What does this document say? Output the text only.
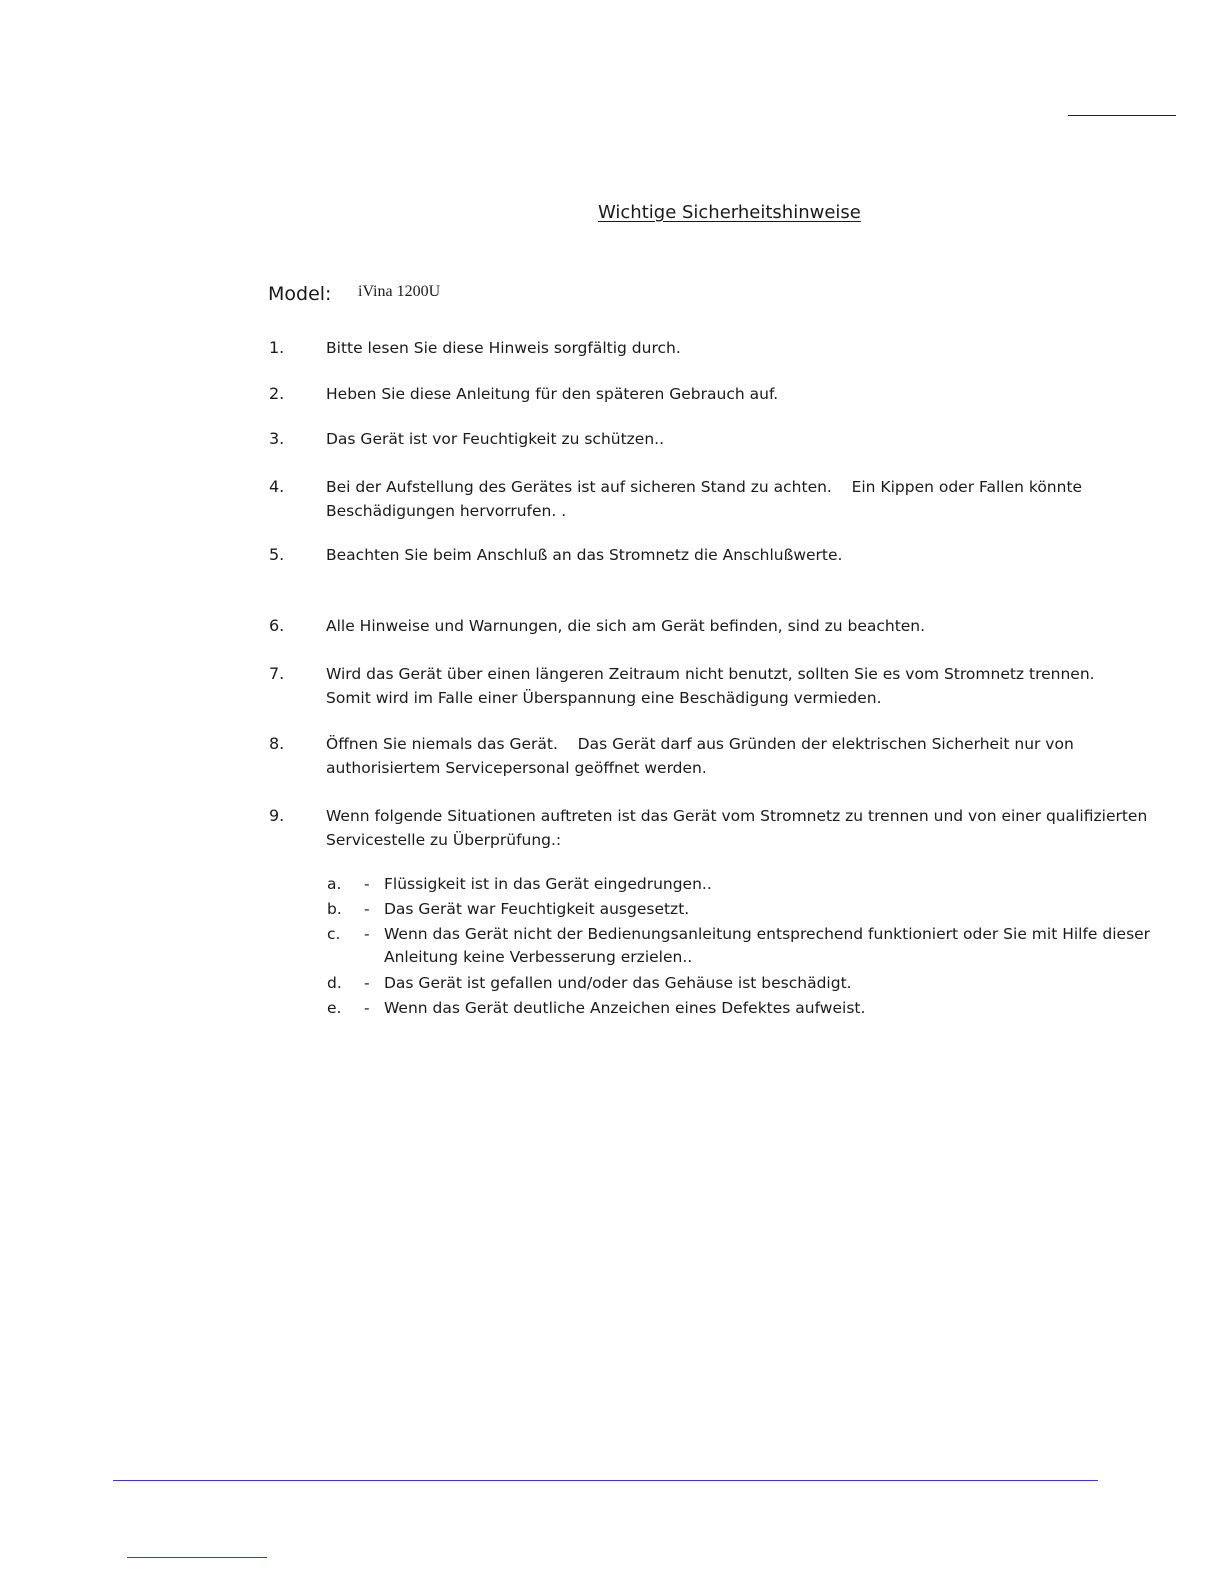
Wichtige Sicherheitshinweise
Model: iVina 1200U
1.	Bitte lesen Sie diese Hinweis sorgfältig durch.
2.	Heben Sie diese Anleitung für den späteren Gebrauch auf.
3.	Das Gerät ist vor Feuchtigkeit zu schützen..
4.	Bei der Aufstellung des Gerätes ist auf sicheren Stand zu achten.    Ein Kippen oder Fallen könnte
Beschädigungen hervorrufen. .
5.	Beachten Sie beim Anschluß an das Stromnetz die Anschlußwerte.
6.	Alle Hinweise und Warnungen, die sich am Gerät befinden, sind zu beachten.
7.	Wird das Gerät über einen längeren Zeitraum nicht benutzt, sollten Sie es vom Stromnetz trennen.
Somit wird im Falle einer Überspannung eine Beschädigung vermieden.
8.	Öffnen Sie niemals das Gerät.    Das Gerät darf aus Gründen der elektrischen Sicherheit nur von
authorisiertem Servicepersonal geöffnet werden.
9.	Wenn folgende Situationen auftreten ist das Gerät vom Stromnetz zu trennen und von einer qualifizierten
Servicestelle zu Überprüfung.:
a. - Flüssigkeit ist in das Gerät eingedrungen..
b. - Das Gerät war Feuchtigkeit ausgesetzt.
c. - Wenn das Gerät nicht der Bedienungsanleitung entsprechend funktioniert oder Sie mit Hilfe dieser
Anleitung keine Verbesserung erzielen..
d. - Das Gerät ist gefallen und/oder das Gehäuse ist beschädigt.
e. - Wenn das Gerät deutliche Anzeichen eines Defektes aufweist.
